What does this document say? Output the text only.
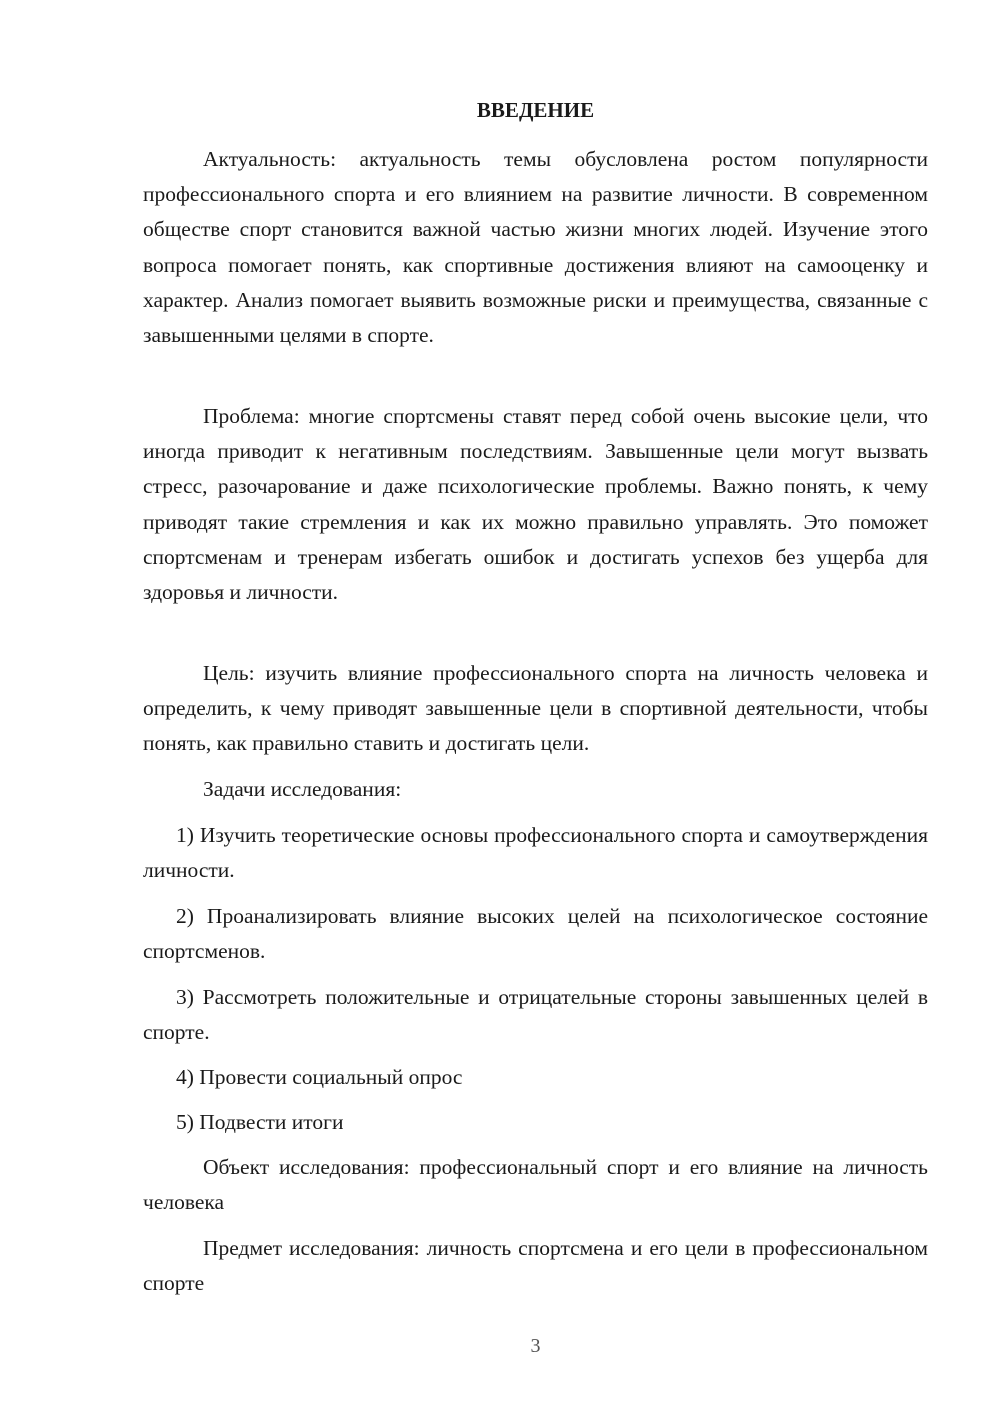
ВВЕДЕНИЕ

Актуальность: актуальность темы обусловлена ростом популярности профессионального спорта и его влиянием на развитие личности. В современном обществе спорт становится важной частью жизни многих людей. Изучение этого вопроса помогает понять, как спортивные достижения влияют на самооценку и характер. Анализ помогает выявить возможные риски и преимущества, связанные с завышенными целями в спорте.

Проблема: многие спортсмены ставят перед собой очень высокие цели, что иногда приводит к негативным последствиям. Завышенные цели могут вызвать стресс, разочарование и даже психологические проблемы. Важно понять, к чему приводят такие стремления и как их можно правильно управлять. Это поможет спортсменам и тренерам избегать ошибок и достигать успехов без ущерба для здоровья и личности.

Цель: изучить влияние профессионального спорта на личность человека и определить, к чему приводят завышенные цели в спортивной деятельности, чтобы понять, как правильно ставить и достигать цели.

Задачи исследования:

1) Изучить теоретические основы профессионального спорта и самоутверждения личности.

2) Проанализировать влияние высоких целей на психологическое состояние спортсменов.

3) Рассмотреть положительные и отрицательные стороны завышенных целей в спорте.

4) Провести социальный опрос

5) Подвести итоги

Объект исследования: профессиональный спорт и его влияние на личность человека

Предмет исследования: личность спортсмена и его цели в профессиональном спорте

3
